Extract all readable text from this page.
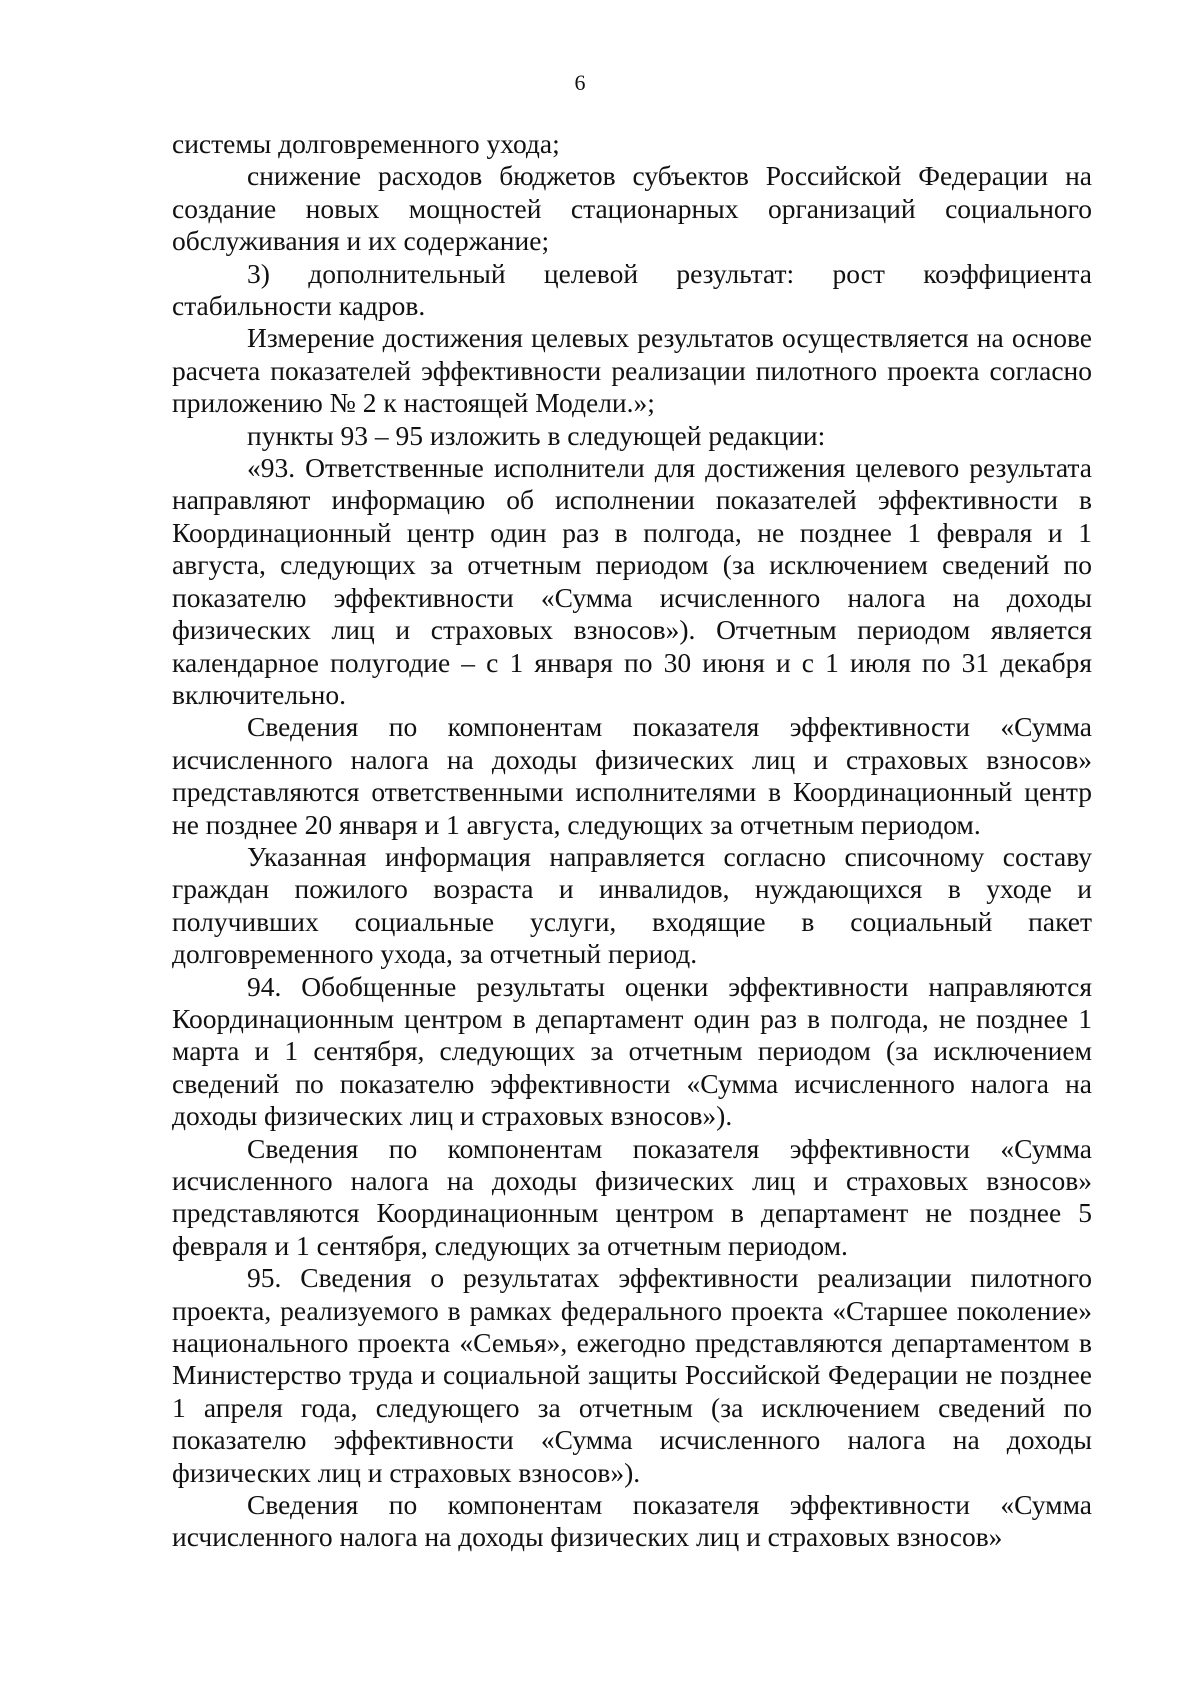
6

системы долговременного ухода;

снижение расходов бюджетов субъектов Российской Федерации на создание новых мощностей стационарных организаций социального обслуживания и их содержание;

3) дополнительный целевой результат: рост коэффициента стабильности кадров.

Измерение достижения целевых результатов осуществляется на основе расчета показателей эффективности реализации пилотного проекта согласно приложению № 2 к настоящей Модели.»;

пункты 93 – 95 изложить в следующей редакции:

«93. Ответственные исполнители для достижения целевого результата направляют информацию об исполнении показателей эффективности в Координационный центр один раз в полгода, не позднее 1 февраля и 1 августа, следующих за отчетным периодом (за исключением сведений по показателю эффективности «Сумма исчисленного налога на доходы физических лиц и страховых взносов»). Отчетным периодом является календарное полугодие – с 1 января по 30 июня и с 1 июля по 31 декабря включительно.

Сведения по компонентам показателя эффективности «Сумма исчисленного налога на доходы физических лиц и страховых взносов» представляются ответственными исполнителями в Координационный центр не позднее 20 января и 1 августа, следующих за отчетным периодом.

Указанная информация направляется согласно списочному составу граждан пожилого возраста и инвалидов, нуждающихся в уходе и получивших социальные услуги, входящие в социальный пакет долговременного ухода, за отчетный период.

94. Обобщенные результаты оценки эффективности направляются Координационным центром в департамент один раз в полгода, не позднее 1 марта и 1 сентября, следующих за отчетным периодом (за исключением сведений по показателю эффективности «Сумма исчисленного налога на доходы физических лиц и страховых взносов»).

Сведения по компонентам показателя эффективности «Сумма исчисленного налога на доходы физических лиц и страховых взносов» представляются Координационным центром в департамент не позднее 5 февраля и 1 сентября, следующих за отчетным периодом.

95. Сведения о результатах эффективности реализации пилотного проекта, реализуемого в рамках федерального проекта «Старшее поколение» национального проекта «Семья», ежегодно представляются департаментом в Министерство труда и социальной защиты Российской Федерации не позднее 1 апреля года, следующего за отчетным (за исключением сведений по показателю эффективности «Сумма исчисленного налога на доходы физических лиц и страховых взносов»).

Сведения по компонентам показателя эффективности «Сумма исчисленного налога на доходы физических лиц и страховых взносов»
